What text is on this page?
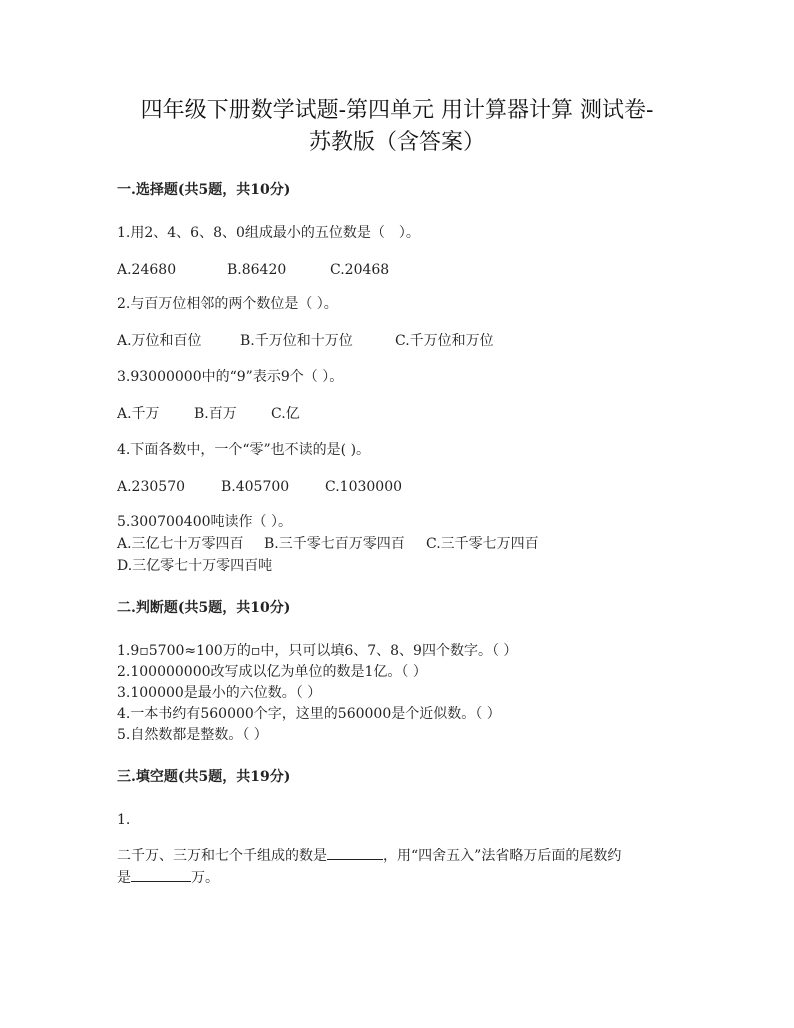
四年级下册数学试题-第四单元 用计算器计算 测试卷-
苏教版（含答案）
一.选择题(共5题，共10分)
1.用2、4、6、8、0组成最小的五位数是（　）。
A.24680	B.86420	C.20468
2.与百万位相邻的两个数位是（ ）。
A.万位和百位	B.千万位和十万位	C.千万位和万位
3.93000000中的“9”表示9个（ ）。
A.千万 B.百万 C.亿
4.下面各数中，一个“零”也不读的是( )。
A.230570	B.405700	C.1030000
5.300700400吨读作（ ）。
A.三亿七十万零四百 B.三千零七百万零四百 C.三千零七万四百
D.三亿零七十万零四百吨
二.判断题(共5题，共10分)
1.9▫5700≈100万的▫中，只可以填6、7、8、9四个数字。（ ）
2.100000000改写成以亿为单位的数是1亿。（ ）
3.100000是最小的六位数。（ ）
4.一本书约有560000个字，这里的560000是个近似数。（ ）
5.自然数都是整数。（ ）
三.填空题(共5题，共19分)
1.
二千万、三万和七个千组成的数是	，用“四舍五入”法省略万后面的尾数约
是	万。
